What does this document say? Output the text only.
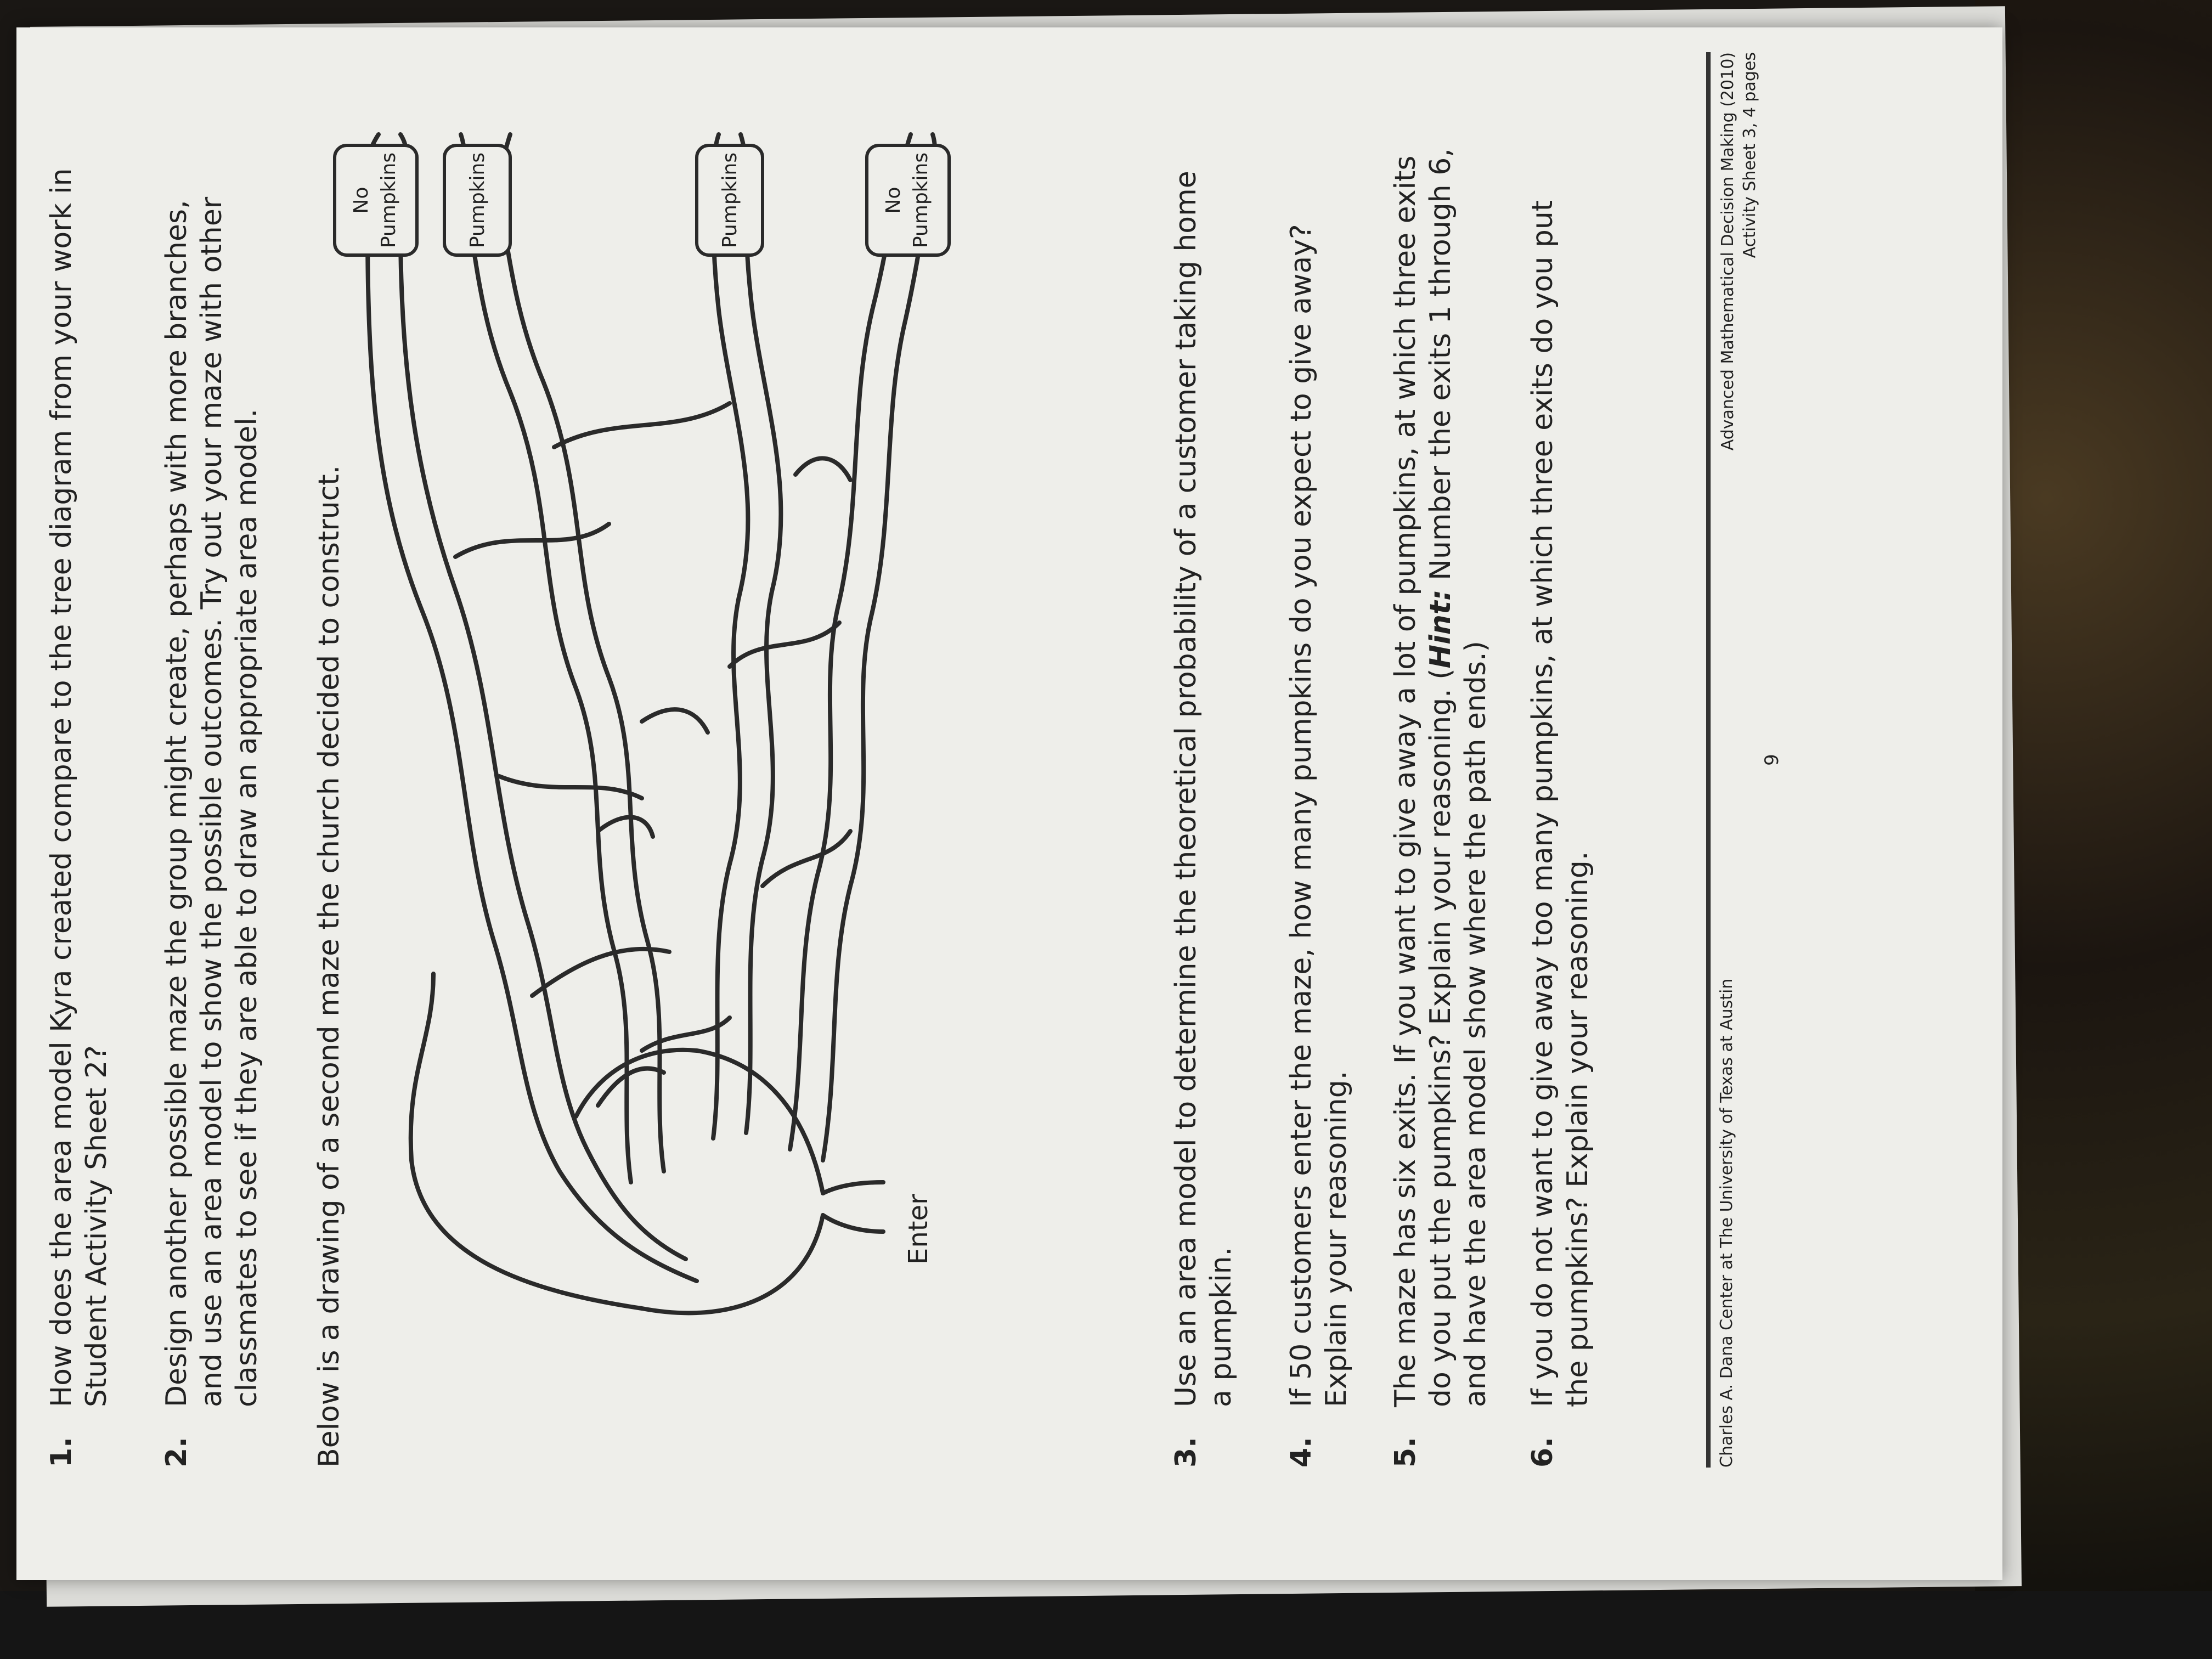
1.

How does the area model Kyra created compare to the tree diagram from your work in Student Activity Sheet 2?

2.

Design another possible maze the group might create, perhaps with more branches, and use an area model to show the possible outcomes. Try out your maze with other classmates to see if they are able to draw an appropriate area model. Below is a drawing of a second maze the church decided to construct.	Enter
No Pumpkins	Pumpkins	Pumpkins	No Pumpkins
3.

Use an area model to determine the theoretical probability of a customer taking home a pumpkin.

4.

If 50 customers enter the maze, how many pumpkins do you expect to give away? Explain your reasoning.

5.

The maze has six exits. If you want to give away a lot of pumpkins, at which three exits do you put the pumpkins? Explain your reasoning. (Hint: Number the exits 1 through 6, and have the area model show where the path ends.)

6.

If you do not want to give away too many pumpkins, at which three exits do you put the pumpkins? Explain your reasoning.	Charles A. Dana Center at The University of Texas at Austin
Advanced Mathematical Decision Making (2010) Activity Sheet 3, 4 pages
9
